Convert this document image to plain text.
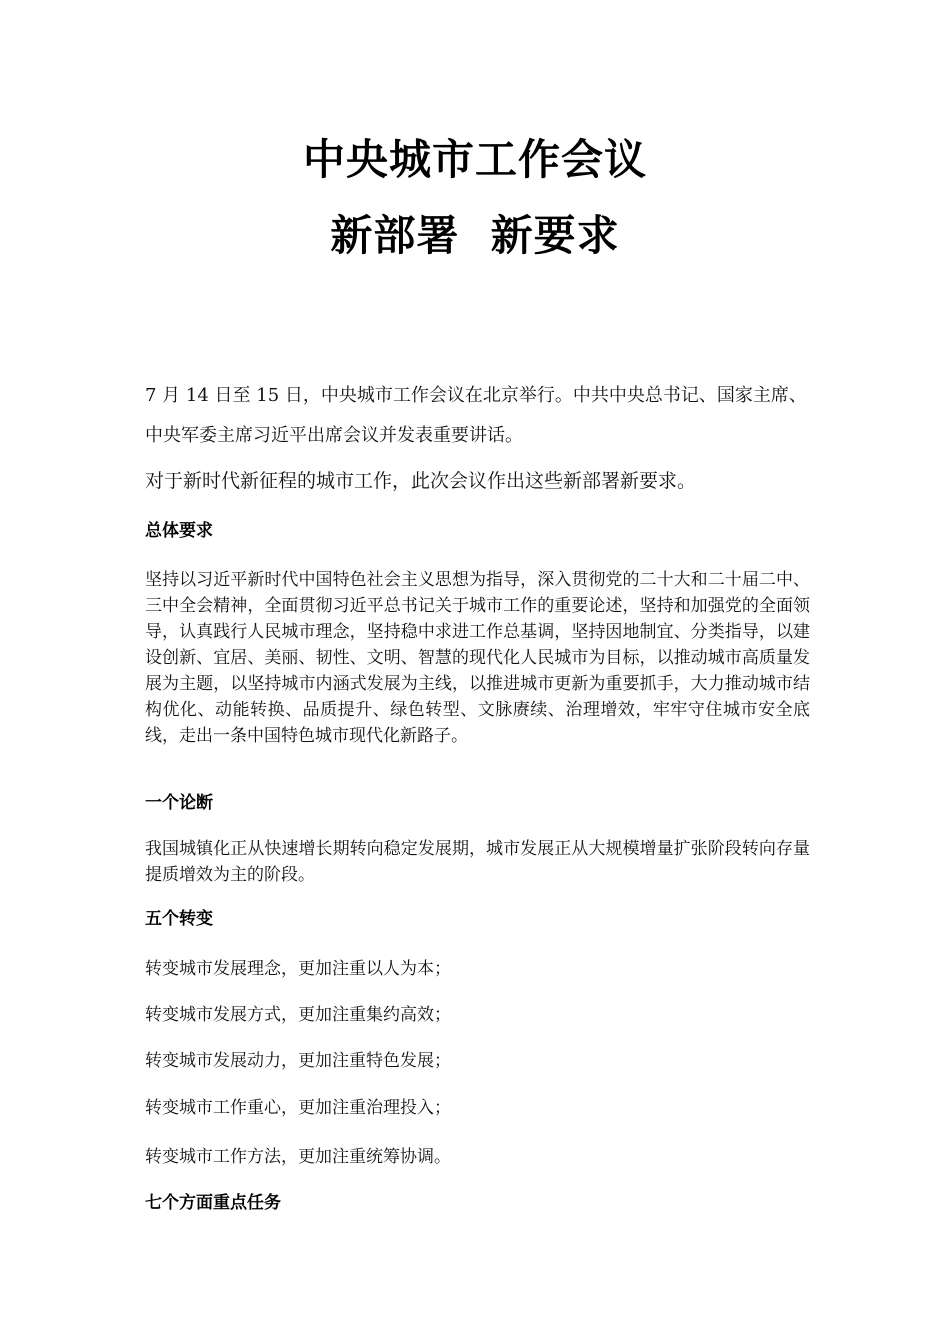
中央城市工作会议
新部署  新要求

7 月 14 日至 15 日，中央城市工作会议在北京举行。中共中央总书记、国家主席、中央军委主席习近平出席会议并发表重要讲话。

对于新时代新征程的城市工作，此次会议作出这些新部署新要求。

总体要求

坚持以习近平新时代中国特色社会主义思想为指导，深入贯彻党的二十大和二十届二中、三中全会精神，全面贯彻习近平总书记关于城市工作的重要论述，坚持和加强党的全面领导，认真践行人民城市理念，坚持稳中求进工作总基调，坚持因地制宜、分类指导，以建设创新、宜居、美丽、韧性、文明、智慧的现代化人民城市为目标，以推动城市高质量发展为主题，以坚持城市内涵式发展为主线，以推进城市更新为重要抓手，大力推动城市结构优化、动能转换、品质提升、绿色转型、文脉赓续、治理增效，牢牢守住城市安全底线，走出一条中国特色城市现代化新路子。

一个论断

我国城镇化正从快速增长期转向稳定发展期，城市发展正从大规模增量扩张阶段转向存量提质增效为主的阶段。

五个转变

转变城市发展理念，更加注重以人为本；

转变城市发展方式，更加注重集约高效；

转变城市发展动力，更加注重特色发展；

转变城市工作重心，更加注重治理投入；

转变城市工作方法，更加注重统筹协调。

七个方面重点任务
